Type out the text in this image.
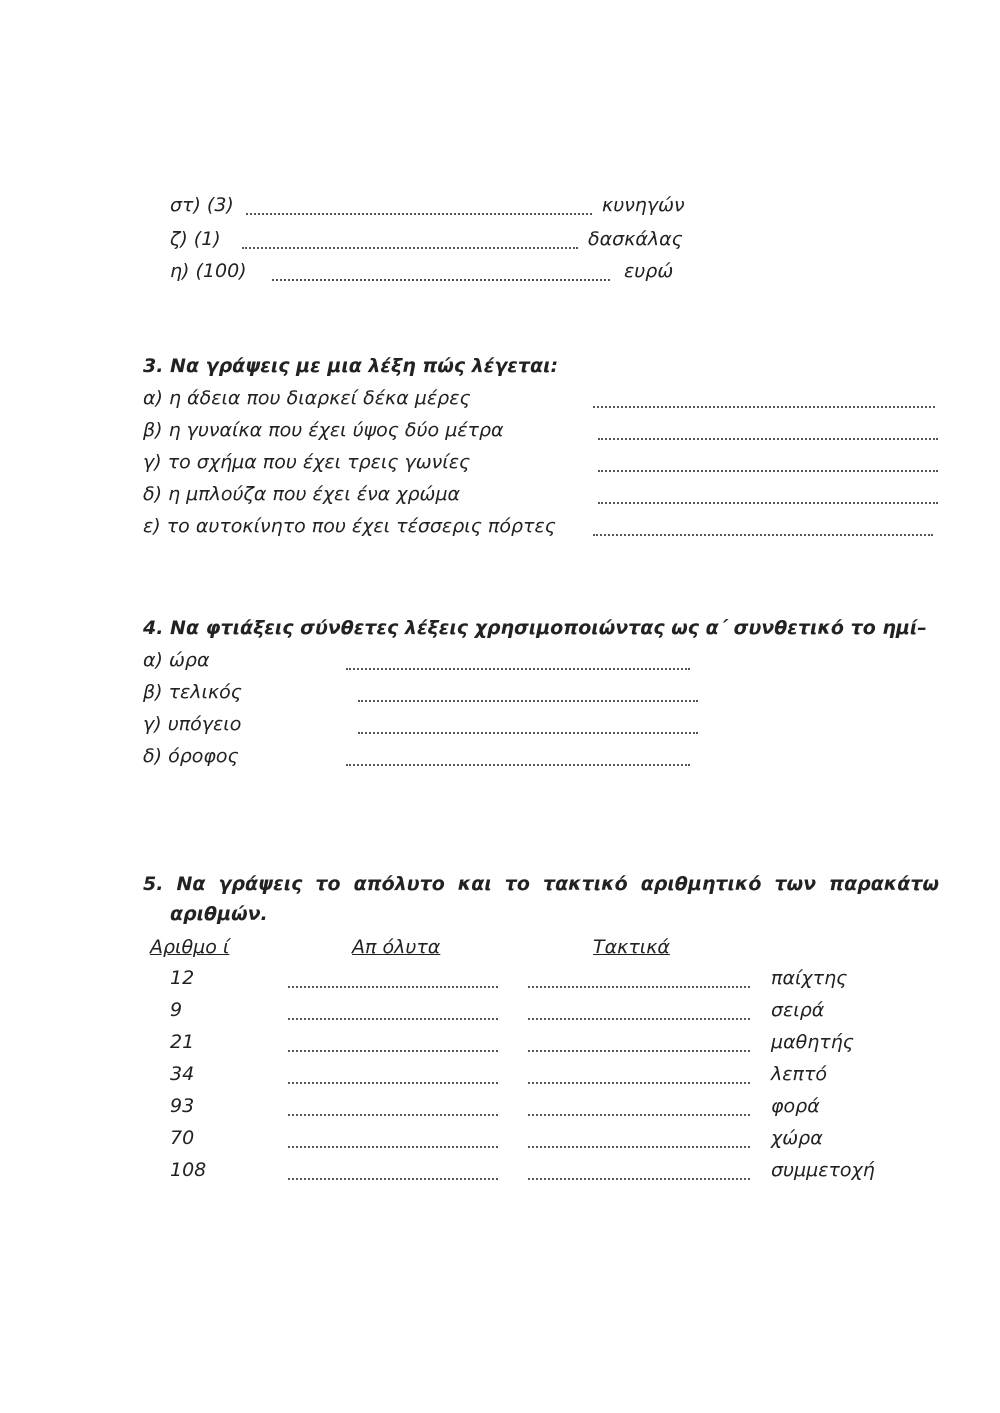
στ) (3)	κυνηγών
ζ) (1)	δασκάλας
η) (100)	ευρώ
3. Να γράψεις με μια λέξη πώς λέγεται:
α) η άδεια που διαρκεί δέκα μέρες
β) η γυναίκα που έχει ύψος δύο μέτρα
γ) το σχήμα που έχει τρεις γωνίες
δ) η μπλούζα που έχει ένα χρώμα
ε) το αυτοκίνητο που έχει τέσσερις πόρτες
4. Να φτιάξεις σύνθετες λέξεις χρησιμοποιώντας ως α΄ συνθετικό το ημί–
α) ώρα
β) τελικός
γ) υπόγειο
δ) όροφος
5. Να γράψεις το απόλυτο και το τακτικό αριθμητικό των παρακάτω
αριθμών.
Αριθμο ί	Απ όλυτα	Τακτικά
12	παίχτης
9	σειρά
21	μαθητής
34	λεπτό
93	φορά
70	χώρα
108	συμμετοχή
